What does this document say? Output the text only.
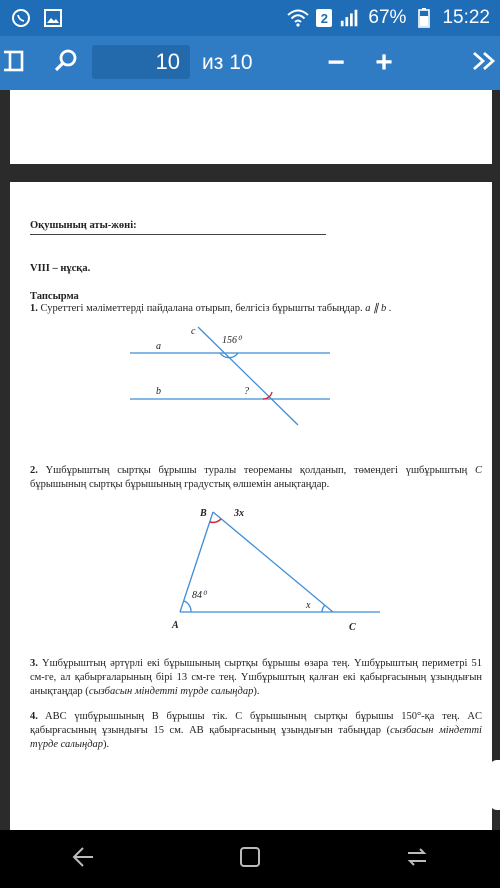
2 67% 15:22
10	из 10	−	+
Оқушының аты-жөні:
VIII – нұсқа.
Тапсырма
1. Суреттегі мәліметтерді пайдалана отырып, белгісіз бұрышты табыңдар. a ∥ b .
c
a
b
156⁰
?
2. Үшбұрыштың сыртқы бұрышы туралы теореманы қолданып, төмендегі үшбұрыштың C бұрышының сыртқы бұрышының градустық өлшемін анықтаңдар.
B	3x
84⁰
x
A	C
3. Үшбұрыштың әртүрлі екі бұрышының сыртқы бұрышы өзара тең. Үшбұрыштың периметрі 51 см-ге, ал қабырғаларының бірі 13 см-ге тең. Үшбұрыштың қалған екі қабырғасының ұзындығын анықтаңдар (сызбасын міндетті түрде салыңдар).
4. ABC үшбұрышының B бұрышы тік. C бұрышының сыртқы бұрышы 150°-қа тең. AC қабырғасының ұзындығы 15 см. AB қабырғасының ұзындығын табыңдар (сызбасын міндетті түрде салыңдар).
